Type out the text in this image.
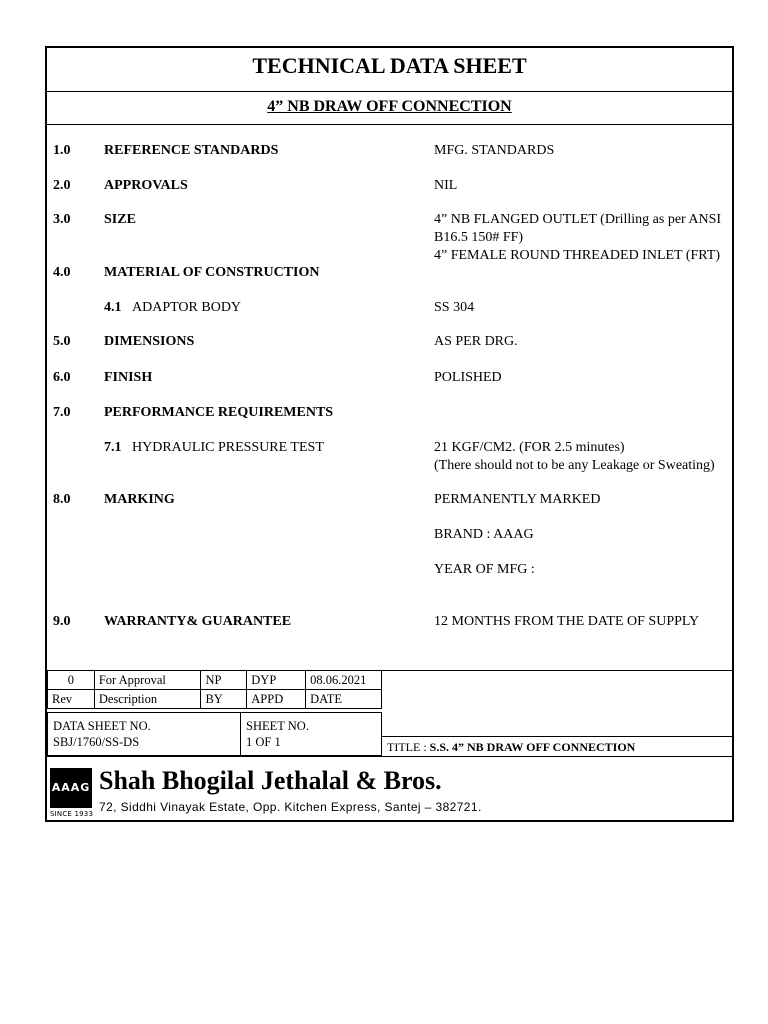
TECHNICAL DATA SHEET
4” NB DRAW OFF CONNECTION
1.0 REFERENCE STANDARDS	MFG. STANDARDS
2.0 APPROVALS	NIL
3.0 SIZE	4” NB FLANGED OUTLET (Drilling as per ANSI
B16.5 150# FF)
4” FEMALE ROUND THREADED INLET (FRT)
4.0 MATERIAL OF CONSTRUCTION
4.1 ADAPTOR BODY	SS 304
5.0 DIMENSIONS	AS PER DRG.
6.0 FINISH	POLISHED
7.0 PERFORMANCE REQUIREMENTS
7.1 HYDRAULIC PRESSURE TEST	21 KGF/CM2. (FOR 2.5 minutes)
(There should not to be any Leakage or Sweating)
8.0 MARKING	PERMANENTLY MARKED
BRAND : AAAG
YEAR OF MFG :
9.0 WARRANTY& GUARANTEE	12 MONTHS FROM THE DATE OF SUPPLY
0	For Approval	NP	DYP	08.06.2021
Rev	Description	BY	APPD	DATE
DATA SHEET NO.
SBJ/1760/SS-DS
SHEET NO.
1 OF 1	TITLE : S.S. 4” NB DRAW OFF CONNECTION
AAAG
SINCE 1933
Shah Bhogilal Jethalal & Bros.
72, Siddhi Vinayak Estate, Opp. Kitchen Express, Santej – 382721.
